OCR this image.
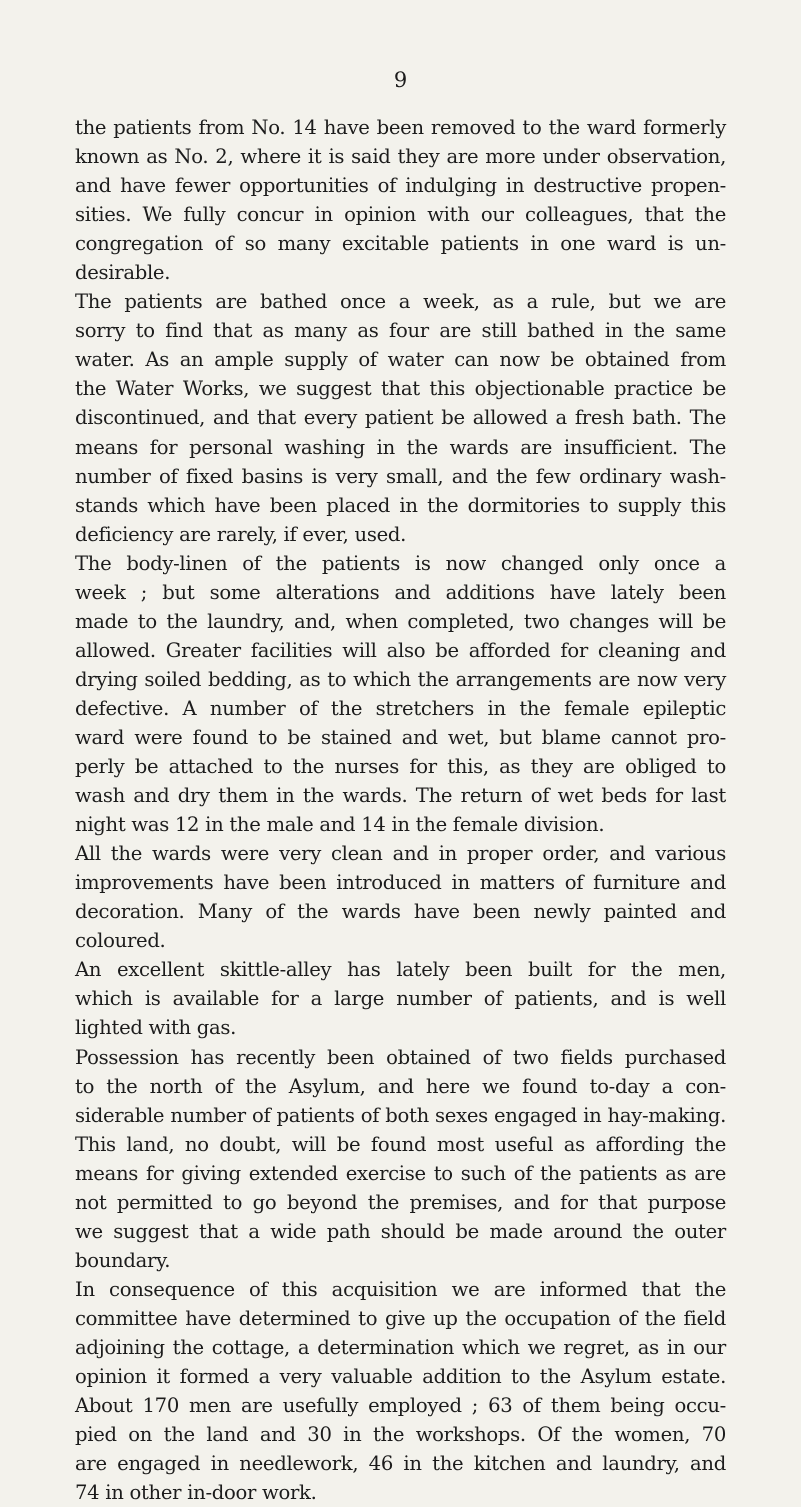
9
the patients from No. 14 have been removed to the ward formerly
known as No. 2, where it is said they are more under observation,
and have fewer opportunities of indulging in destructive propen-
sities. We fully concur in opinion with our colleagues, that the
congregation of so many excitable patients in one ward is un-
desirable.
The patients are bathed once a week, as a rule, but we are
sorry to find that as many as four are still bathed in the same
water. As an ample supply of water can now be obtained from
the Water Works, we suggest that this objectionable practice be
discontinued, and that every patient be allowed a fresh bath. The
means for personal washing in the wards are insufficient. The
number of fixed basins is very small, and the few ordinary wash-
stands which have been placed in the dormitories to supply this
deficiency are rarely, if ever, used.
The body-linen of the patients is now changed only once a
week ; but some alterations and additions have lately been
made to the laundry, and, when completed, two changes will be
allowed. Greater facilities will also be afforded for cleaning and
drying soiled bedding, as to which the arrangements are now very
defective. A number of the stretchers in the female epileptic
ward were found to be stained and wet, but blame cannot pro-
perly be attached to the nurses for this, as they are obliged to
wash and dry them in the wards. The return of wet beds for last
night was 12 in the male and 14 in the female division.
All the wards were very clean and in proper order, and various
improvements have been introduced in matters of furniture and
decoration. Many of the wards have been newly painted and
coloured.
An excellent skittle-alley has lately been built for the men,
which is available for a large number of patients, and is well
lighted with gas.
Possession has recently been obtained of two fields purchased
to the north of the Asylum, and here we found to-day a con-
siderable number of patients of both sexes engaged in hay-making.
This land, no doubt, will be found most useful as affording the
means for giving extended exercise to such of the patients as are
not permitted to go beyond the premises, and for that purpose
we suggest that a wide path should be made around the outer
boundary.
In consequence of this acquisition we are informed that the
committee have determined to give up the occupation of the field
adjoining the cottage, a determination which we regret, as in our
opinion it formed a very valuable addition to the Asylum estate.
About 170 men are usefully employed ; 63 of them being occu-
pied on the land and 30 in the workshops. Of the women, 70
are engaged in needlework, 46 in the kitchen and laundry, and
74 in other in-door work.
